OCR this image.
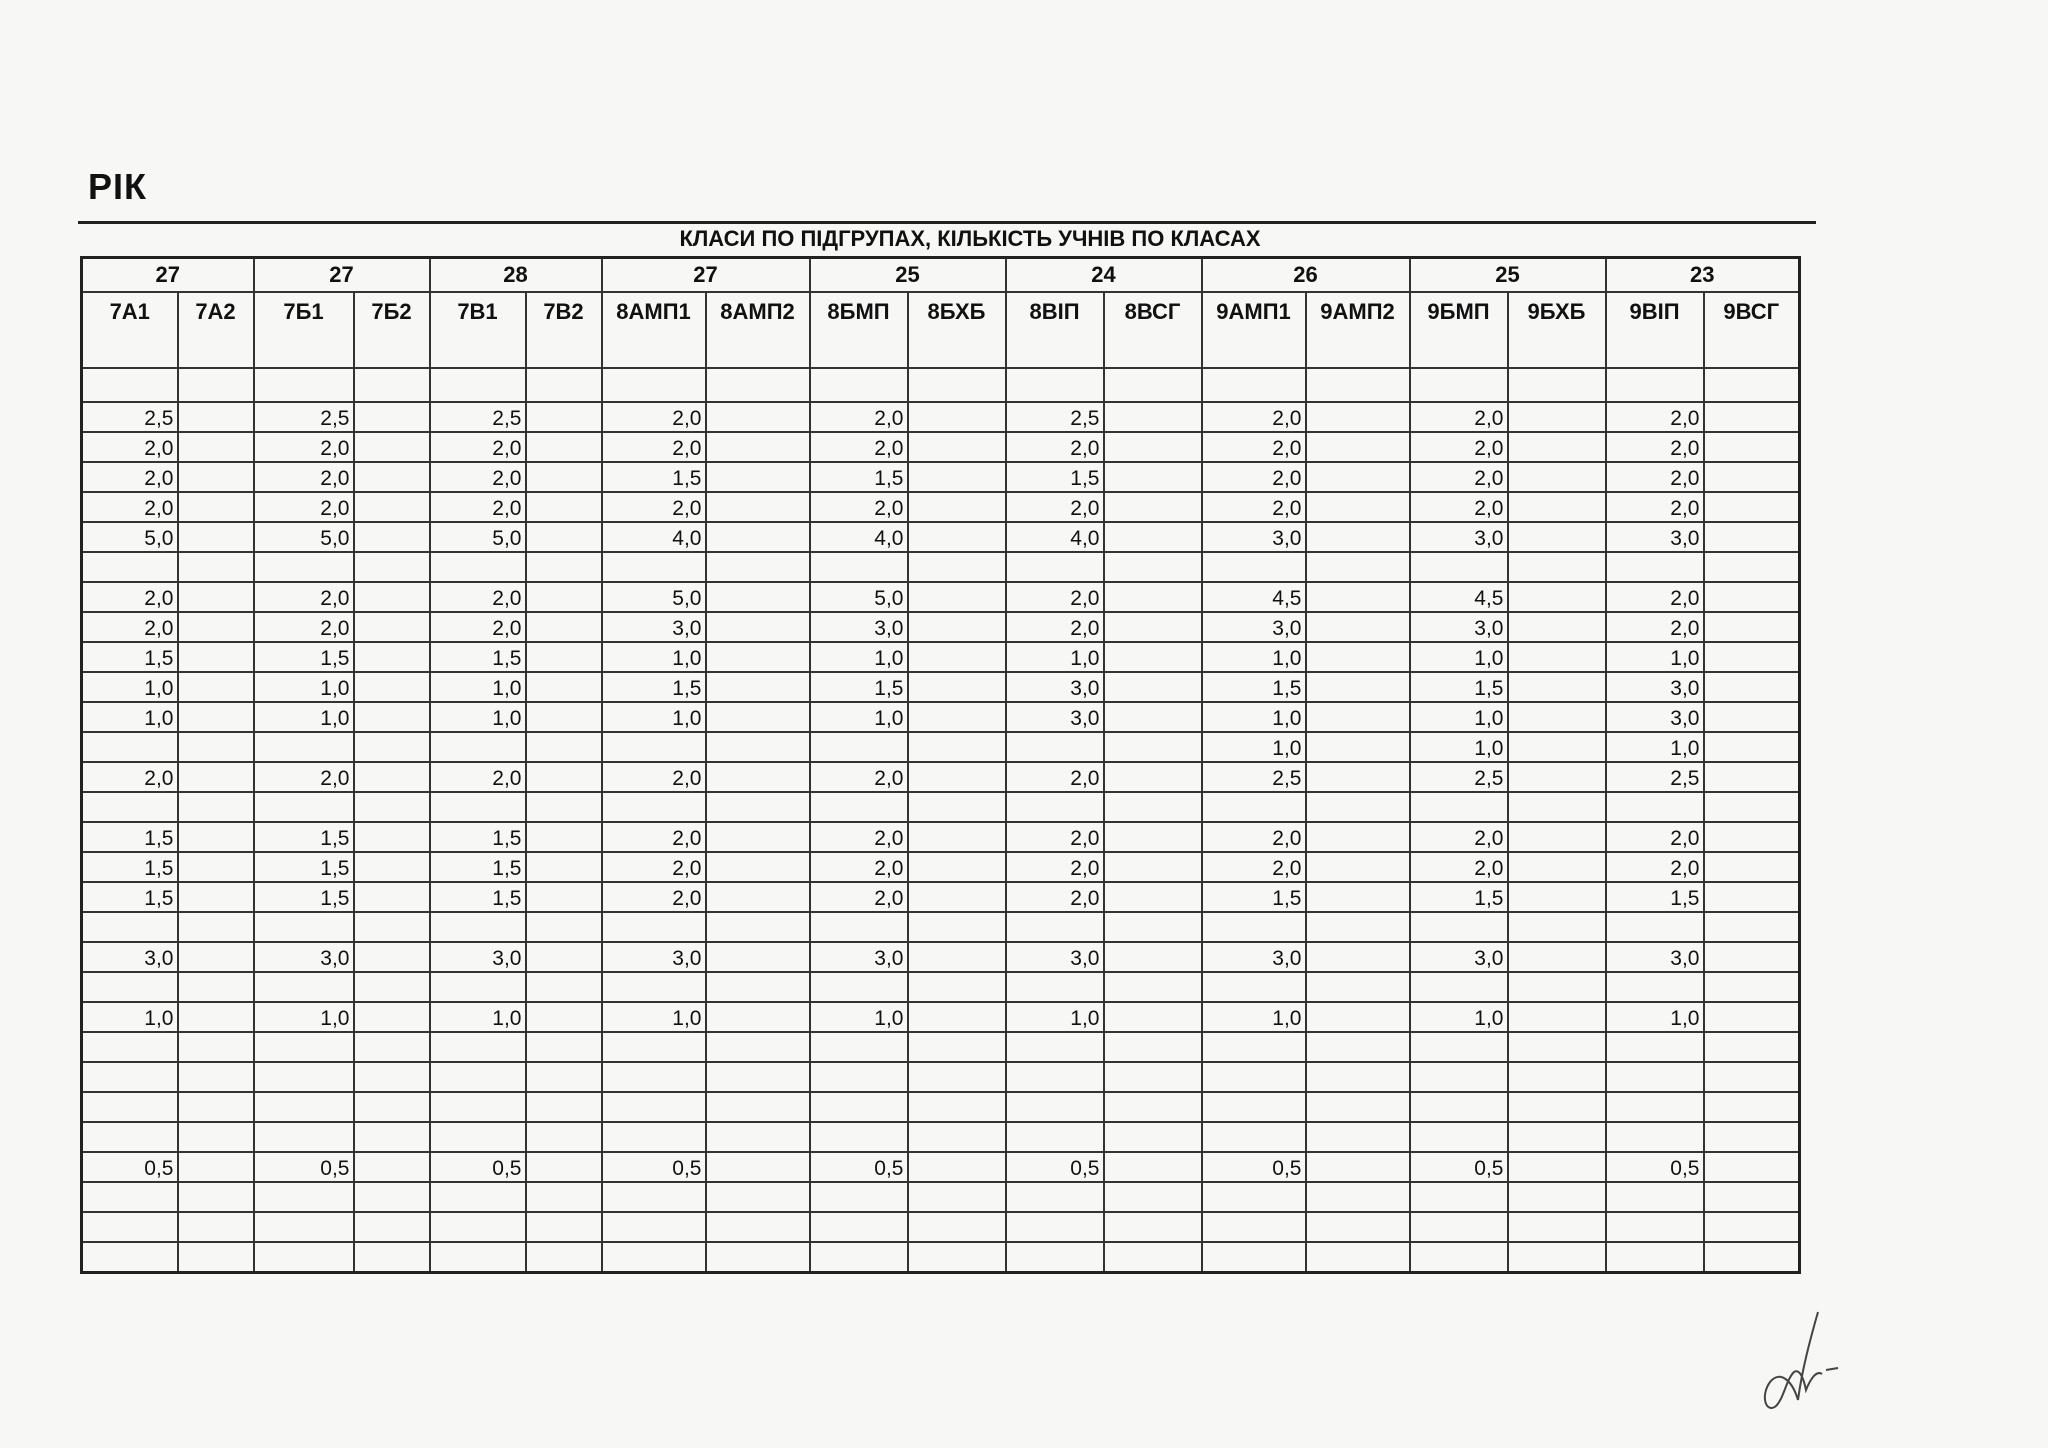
РІК
КЛАСИ ПО ПІДГРУПАХ, КІЛЬКІСТЬ УЧНІВ ПО КЛАСАХ
27		27		28		27		25		24		26		25		23	
7А1	7А2	7Б1	7Б2	7В1	7В2	8АМП1	8АМП2	8БМП	8БХБ	8ВІП	8ВСГ	9АМП1	9АМП2	9БМП	9БХБ	9ВІП	9ВСГ

2,5		2,5		2,5		2,0		2,0		2,5		2,0		2,0		2,0	
2,0		2,0		2,0		2,0		2,0		2,0		2,0		2,0		2,0	
2,0		2,0		2,0		1,5		1,5		1,5		2,0		2,0		2,0	
2,0		2,0		2,0		2,0		2,0		2,0		2,0		2,0		2,0	
5,0		5,0		5,0		4,0		4,0		4,0		3,0		3,0		3,0	

2,0		2,0		2,0		5,0		5,0		2,0		4,5		4,5		2,0	
2,0		2,0		2,0		3,0		3,0		2,0		3,0		3,0		2,0	
1,5		1,5		1,5		1,0		1,0		1,0		1,0		1,0		1,0	
1,0		1,0		1,0		1,5		1,5		3,0		1,5		1,5		3,0	
1,0		1,0		1,0		1,0		1,0		3,0		1,0		1,0		3,0	
												1,0		1,0		1,0	
2,0		2,0		2,0		2,0		2,0		2,0		2,5		2,5		2,5	

1,5		1,5		1,5		2,0		2,0		2,0		2,0		2,0		2,0	
1,5		1,5		1,5		2,0		2,0		2,0		2,0		2,0		2,0	
1,5		1,5		1,5		2,0		2,0		2,0		1,5		1,5		1,5	

3,0		3,0		3,0		3,0		3,0		3,0		3,0		3,0		3,0	

1,0		1,0		1,0		1,0		1,0		1,0		1,0		1,0		1,0	

0,5		0,5		0,5		0,5		0,5		0,5		0,5		0,5		0,5	
